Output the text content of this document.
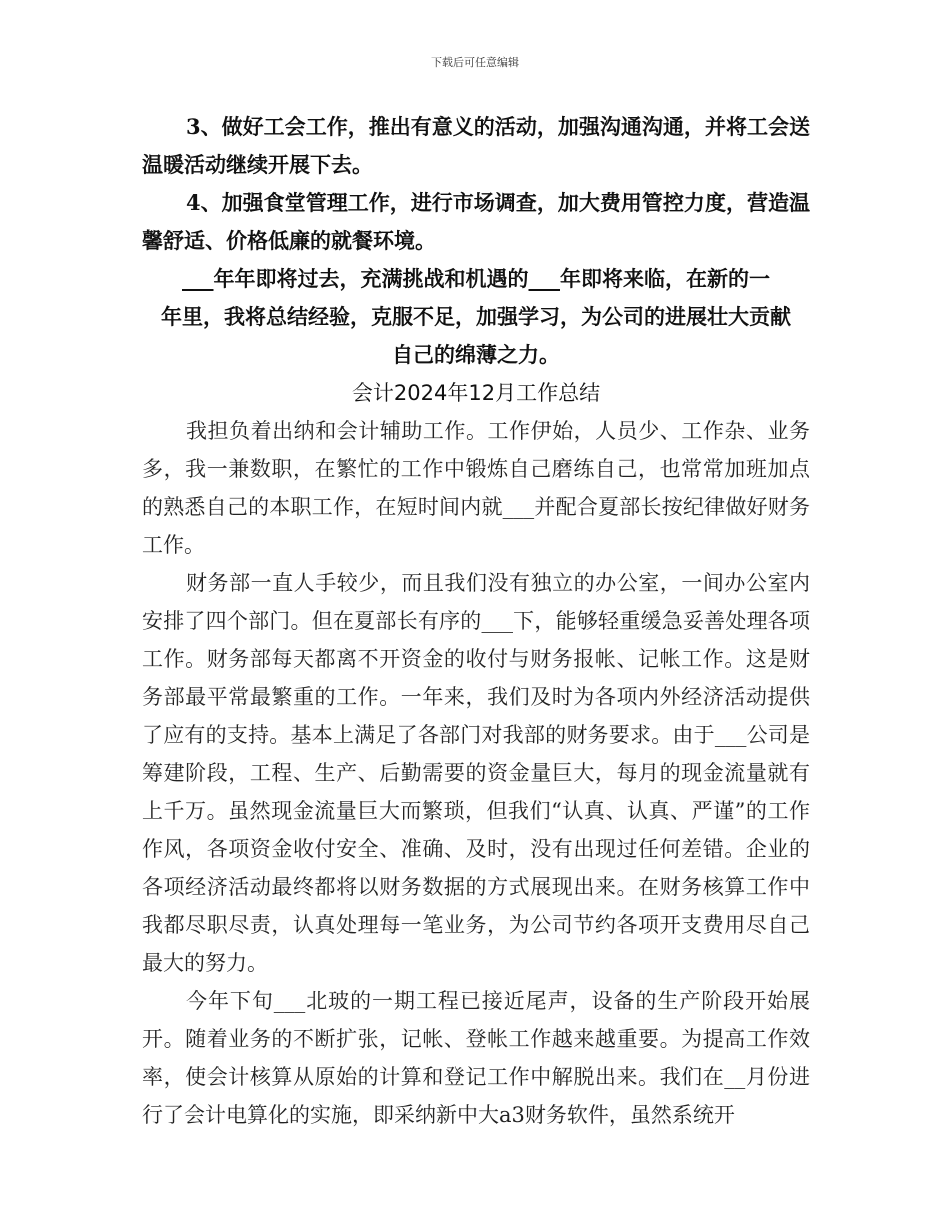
下载后可任意编辑

3、做好工会工作，推出有意义的活动，加强沟通沟通，并将工会送温暖活动继续开展下去。

4、加强食堂管理工作，进行市场调查，加大费用管控力度，营造温馨舒适、价格低廉的就餐环境。

___年年即将过去，充满挑战和机遇的___年即将来临，在新的一
年里，我将总结经验，克服不足，加强学习，为公司的进展壮大贡献
自己的绵薄之力。
会计2024年12月工作总结

我担负着出纳和会计辅助工作。工作伊始，人员少、工作杂、业务多，我一兼数职，在繁忙的工作中锻炼自己磨练自己，也常常加班加点的熟悉自己的本职工作，在短时间内就___并配合夏部长按纪律做好财务工作。

财务部一直人手较少，而且我们没有独立的办公室，一间办公室内安排了四个部门。但在夏部长有序的___下，能够轻重缓急妥善处理各项工作。财务部每天都离不开资金的收付与财务报帐、记帐工作。这是财务部最平常最繁重的工作。一年来，我们及时为各项内外经济活动提供了应有的支持。基本上满足了各部门对我部的财务要求。由于___公司是筹建阶段，工程、生产、后勤需要的资金量巨大，每月的现金流量就有上千万。虽然现金流量巨大而繁琐，但我们“认真、认真、严谨”的工作作风，各项资金收付安全、准确、及时，没有出现过任何差错。企业的各项经济活动最终都将以财务数据的方式展现出来。在财务核算工作中我都尽职尽责，认真处理每一笔业务，为公司节约各项开支费用尽自己最大的努力。

今年下旬___北玻的一期工程已接近尾声，设备的生产阶段开始展开。随着业务的不断扩张，记帐、登帐工作越来越重要。为提高工作效率，使会计核算从原始的计算和登记工作中解脱出来。我们在__月份进行了会计电算化的实施，即采纳新中大a3财务软件，虽然系统开
